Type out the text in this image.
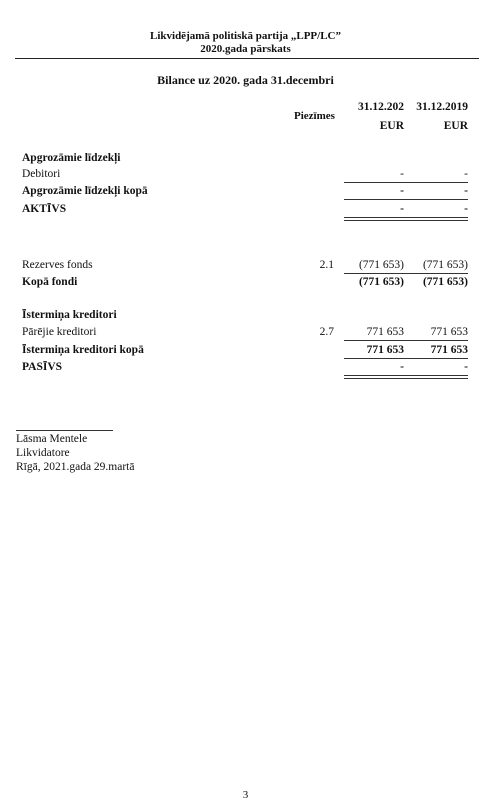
Likvidējamā politiskā partija „LPP/LC”
2020.gada pārskats
Bilance uz 2020. gada 31.decembri
Piezīmes
31.12.202	31.12.2019
EUR	EUR
Apgrozāmie līdzekļi
Debitori	-	-
Apgrozāmie līdzekļi kopā	-	-
AKTĪVS	-	-
Rezerves fonds	2.1	(771 653)	(771 653)
Kopā fondi	(771 653)	(771 653)
Īstermiņa kreditori
Pārējie kreditori	2.7	771 653	771 653
Īstermiņa kreditori kopā	771 653	771 653
PASĪVS	-	-
Lāsma Mentele
Likvidatore
Rīgā, 2021.gada 29.martā
3
